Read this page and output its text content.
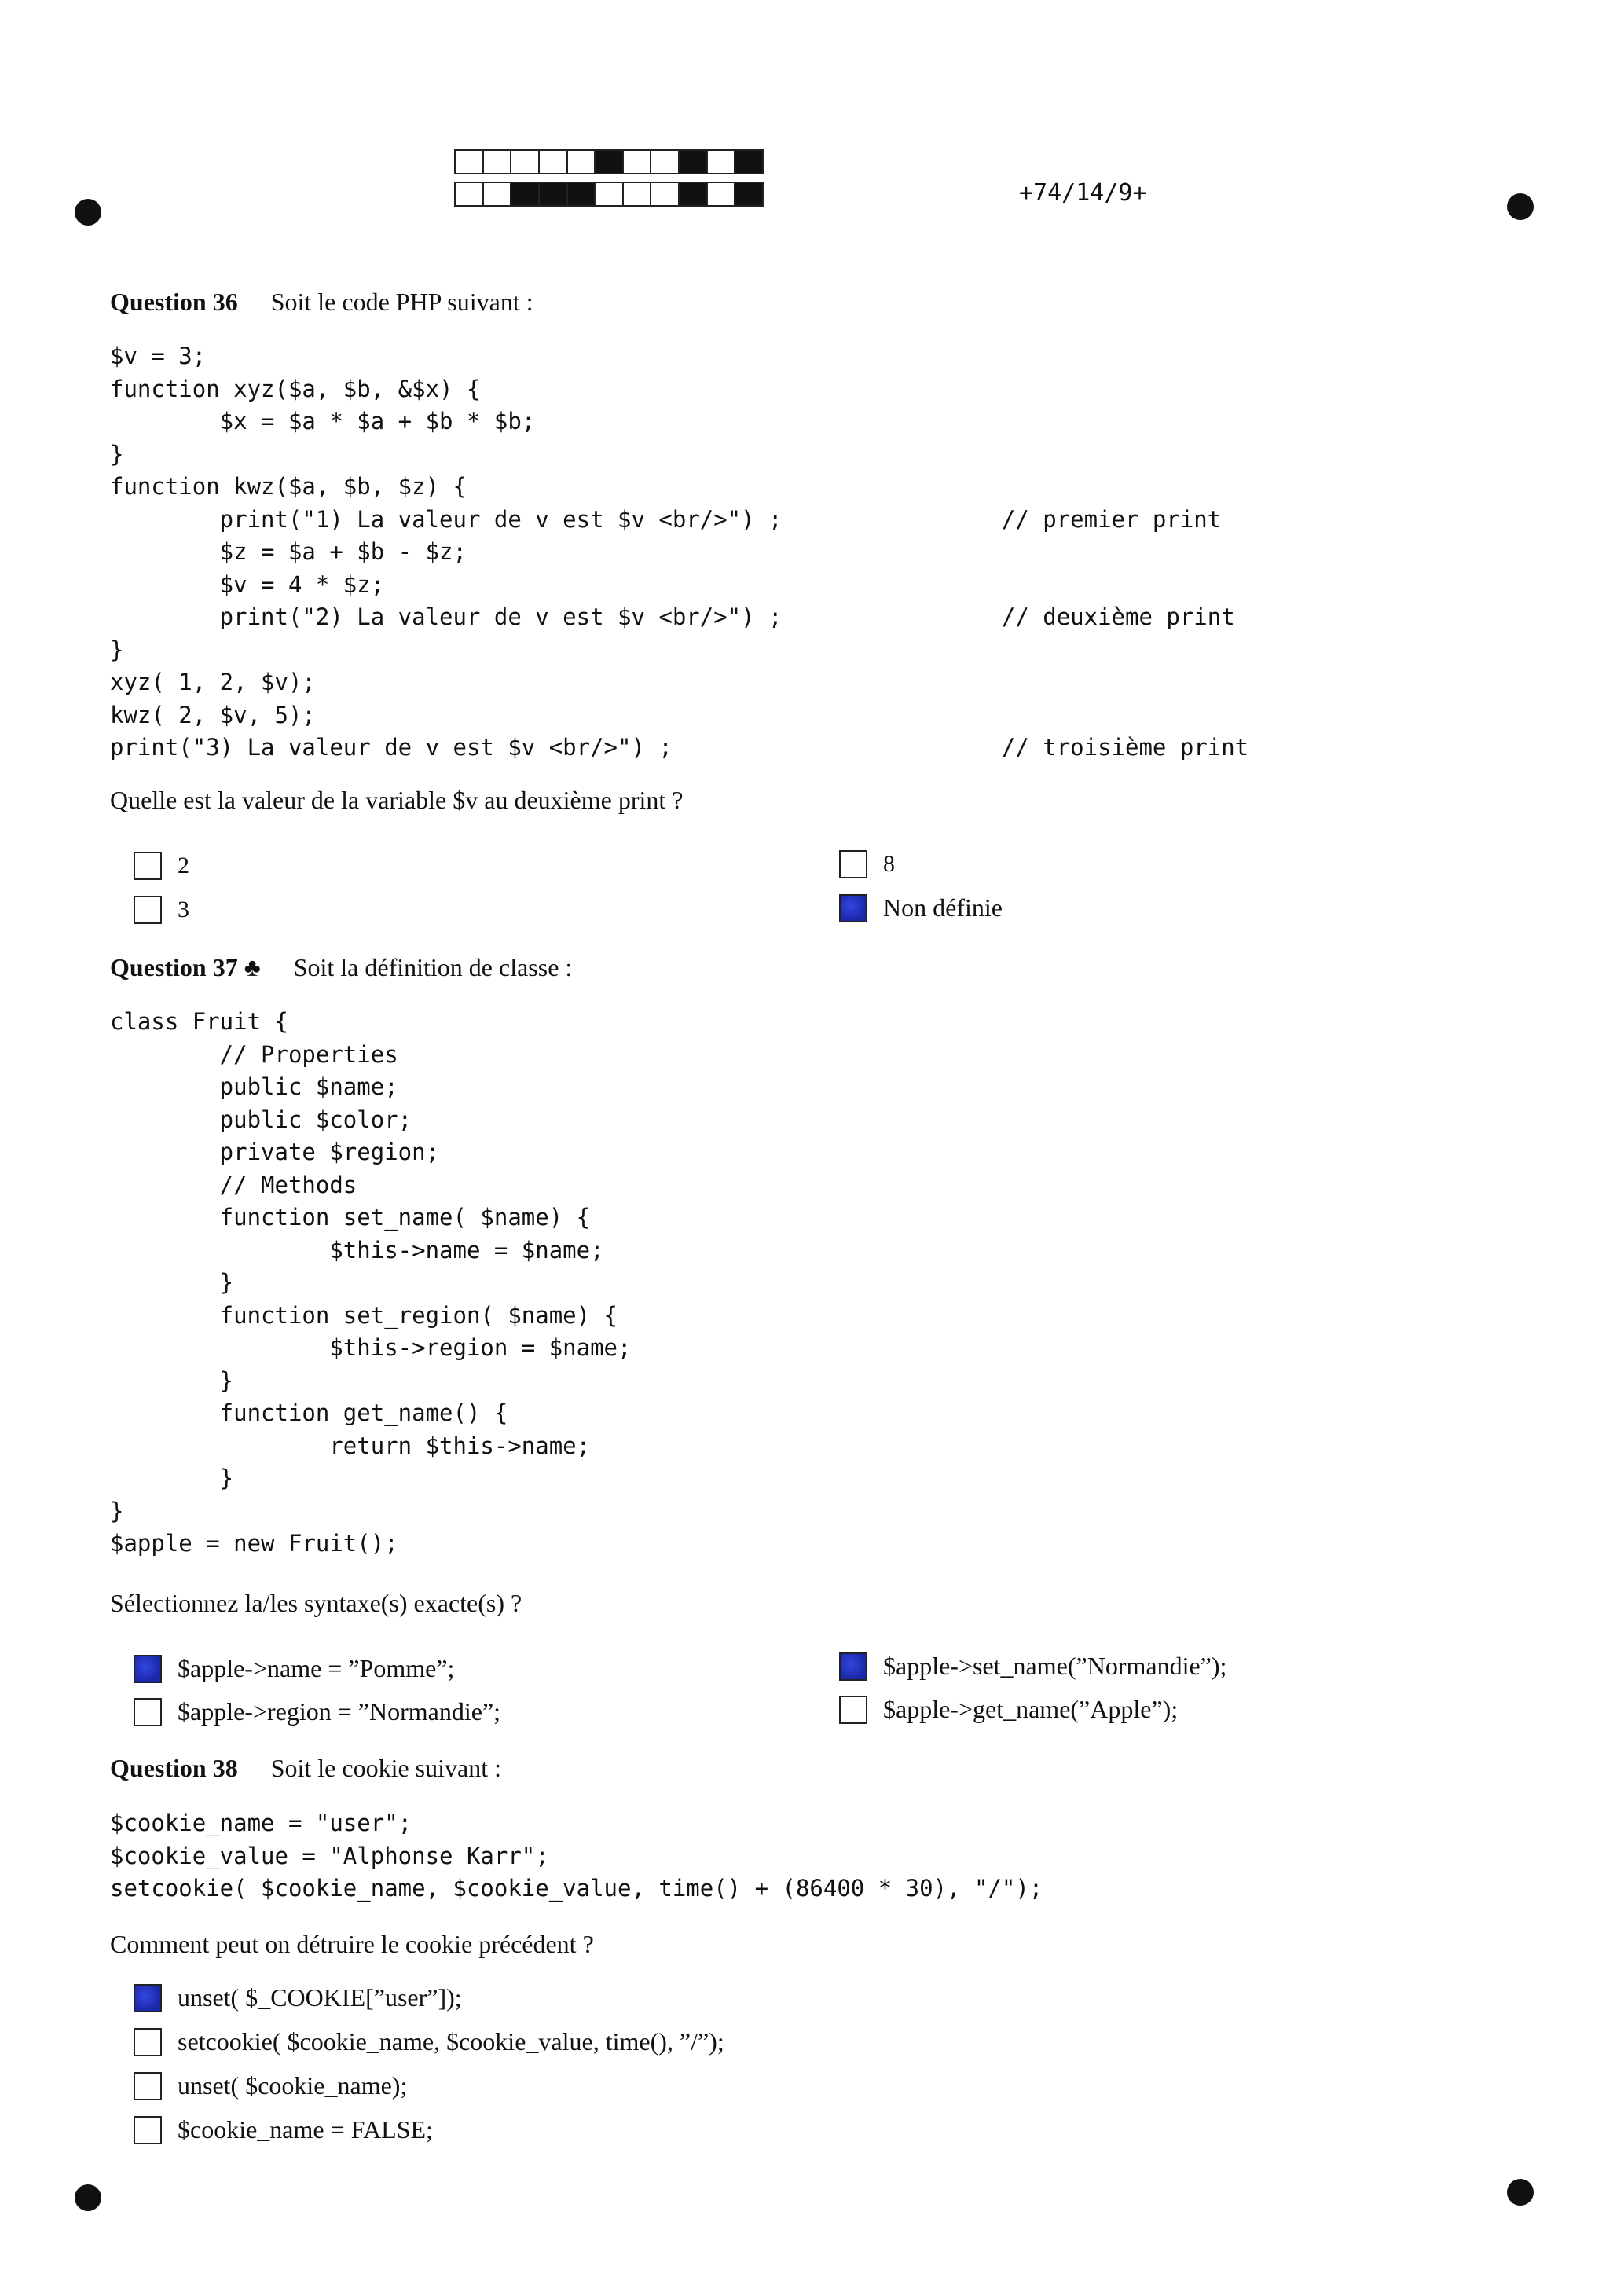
+74/14/9+
Question 36 Soit le code PHP suivant :
$v = 3;
function xyz($a, $b, &$x) {
$x = $a * $a + $b * $b;
}
function kwz($a, $b, $z) {
print("1) La valeur de v est $v <br/>") ;                // premier print
$z = $a + $b - $z;
$v = 4 * $z;
print("2) La valeur de v est $v <br/>") ;                // deuxième print
}
xyz( 1, 2, $v);
kwz( 2, $v, 5);
print("3) La valeur de v est $v <br/>") ;                        // troisième print
Quelle est la valeur de la variable $v au deuxième print ?
2
3
8
Non définie
Question 37 ♣ Soit la définition de classe :
class Fruit {
// Properties
public $name;
public $color;
private $region;
// Methods
function set_name( $name) {
$this->name = $name;
}
function set_region( $name) {
$this->region = $name;
}
function get_name() {
return $this->name;
}
}
$apple = new Fruit();
Sélectionnez la/les syntaxe(s) exacte(s) ?
$apple->name = ”Pomme”;
$apple->region = ”Normandie”;
$apple->set_name(”Normandie”);
$apple->get_name(”Apple”);
Question 38 Soit le cookie suivant :
$cookie_name = "user";
$cookie_value = "Alphonse Karr";
setcookie( $cookie_name, $cookie_value, time() + (86400 * 30), "/");
Comment peut on détruire le cookie précédent ?
unset( $_COOKIE[”user”]);
setcookie( $cookie_name, $cookie_value, time(), ”/”);
unset( $cookie_name);
$cookie_name = FALSE;
